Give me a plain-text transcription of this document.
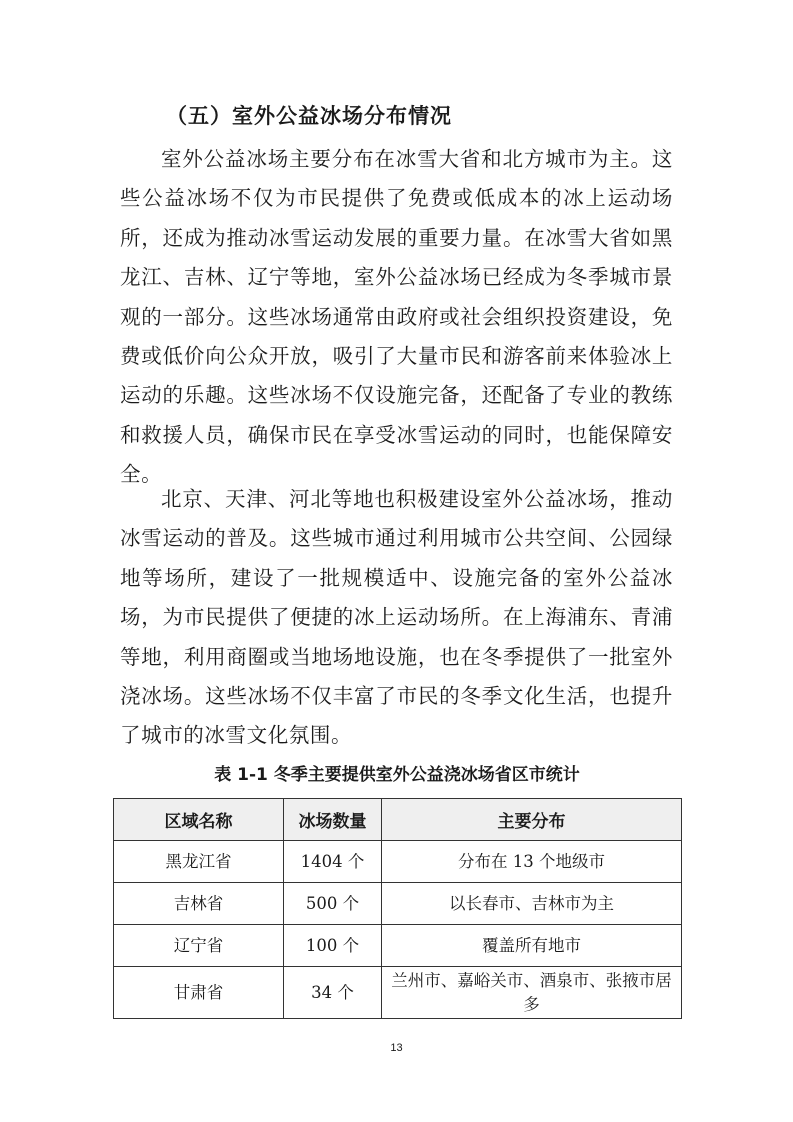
（五）室外公益冰场分布情况

室外公益冰场主要分布在冰雪大省和北方城市为主。这些公益冰场不仅为市民提供了免费或低成本的冰上运动场所，还成为推动冰雪运动发展的重要力量。在冰雪大省如黑龙江、吉林、辽宁等地，室外公益冰场已经成为冬季城市景观的一部分。这些冰场通常由政府或社会组织投资建设，免费或低价向公众开放，吸引了大量市民和游客前来体验冰上运动的乐趣。这些冰场不仅设施完备，还配备了专业的教练和救援人员，确保市民在享受冰雪运动的同时，也能保障安全。

北京、天津、河北等地也积极建设室外公益冰场，推动冰雪运动的普及。这些城市通过利用城市公共空间、公园绿地等场所，建设了一批规模适中、设施完备的室外公益冰场，为市民提供了便捷的冰上运动场所。在上海浦东、青浦等地，利用商圈或当地场地设施，也在冬季提供了一批室外浇冰场。这些冰场不仅丰富了市民的冬季文化生活，也提升了城市的冰雪文化氛围。

表 1-1 冬季主要提供室外公益浇冰场省区市统计

区域名称	冰场数量	主要分布
黑龙江省	1404 个	分布在 13 个地级市
吉林省	500 个	以长春市、吉林市为主
辽宁省	100 个	覆盖所有地市
甘肃省	34 个	兰州市、嘉峪关市、酒泉市、张掖市居多

13
